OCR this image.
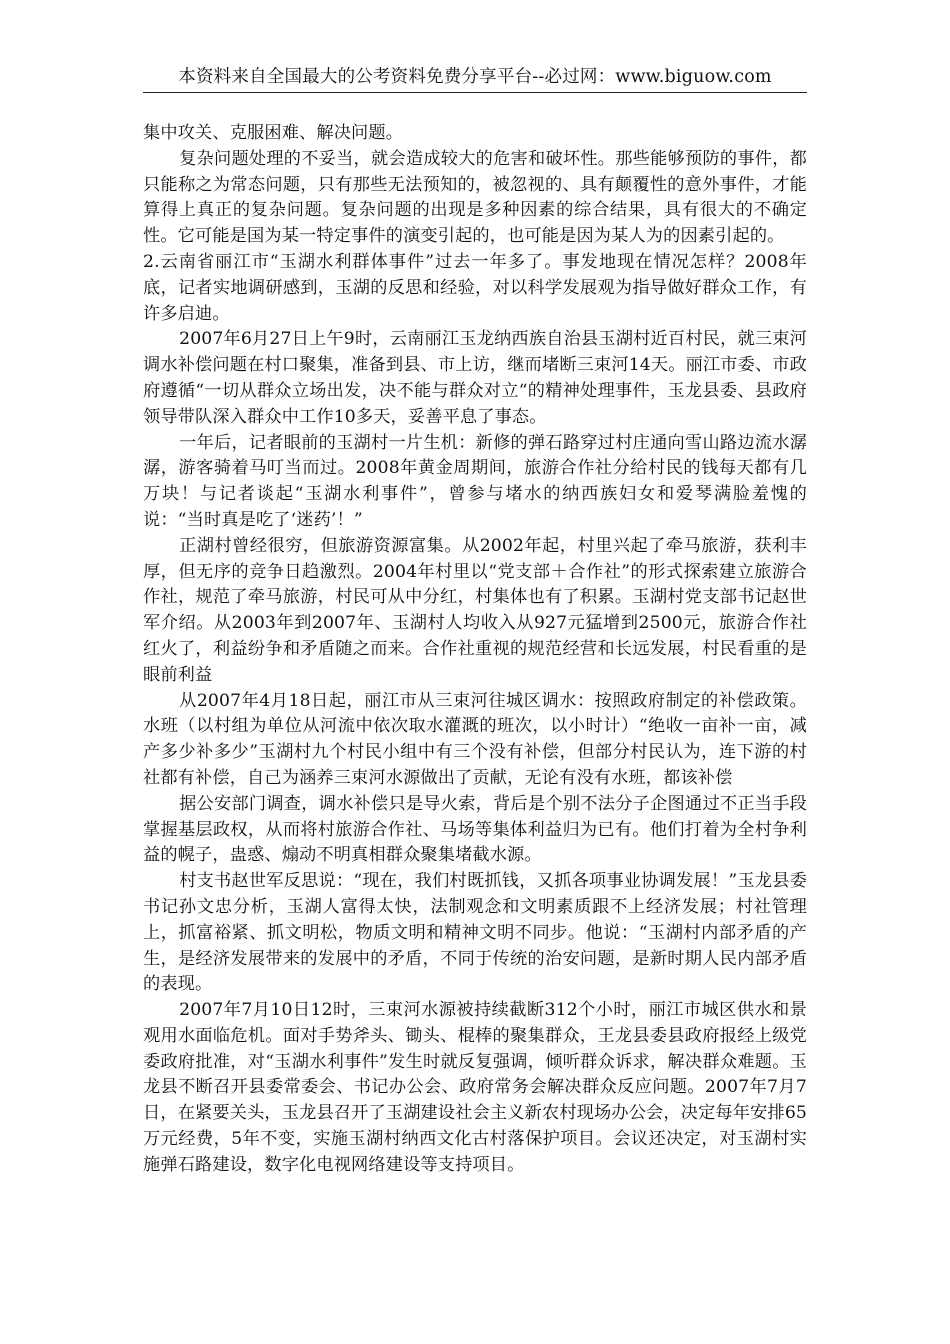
本资料来自全国最大的公考资料免费分享平台--必过网：www.biguow.com

集中攻关、克服困难、解决问题。

复杂问题处理的不妥当，就会造成较大的危害和破坏性。那些能够预防的事件，都只能称之为常态问题，只有那些无法预知的，被忽视的、具有颠覆性的意外事件，才能算得上真正的复杂问题。复杂问题的出现是多种因素的综合结果，具有很大的不确定性。它可能是国为某一特定事件的演变引起的，也可能是因为某人为的因素引起的。

2.云南省丽江市“玉湖水利群体事件”过去一年多了。事发地现在情况怎样？2008年底，记者实地调研感到，玉湖的反思和经验，对以科学发展观为指导做好群众工作，有许多启迪。

2007年6月27日上午9时，云南丽江玉龙纳西族自治县玉湖村近百村民，就三束河调水补偿问题在村口聚集，准备到县、市上访，继而堵断三束河14天。丽江市委、市政府遵循“一切从群众立场出发，决不能与群众对立“的精神处理事件，玉龙县委、县政府领导带队深入群众中工作10多天，妥善平息了事态。

一年后，记者眼前的玉湖村一片生机：新修的弹石路穿过村庄通向雪山路边流水潺潺，游客骑着马叮当而过。2008年黄金周期间，旅游合作社分给村民的钱每天都有几万块！与记者谈起“玉湖水利事件”，曾参与堵水的纳西族妇女和爱琴满脸羞愧的说：“当时真是吃了‘迷药’！”

正湖村曾经很穷，但旅游资源富集。从2002年起，村里兴起了牵马旅游，获利丰厚，但无序的竞争日趋激烈。2004年村里以“党支部＋合作社”的形式探索建立旅游合作社，规范了牵马旅游，村民可从中分红，村集体也有了积累。玉湖村党支部书记赵世军介绍。从2003年到2007年、玉湖村人均收入从927元猛增到2500元，旅游合作社红火了，利益纷争和矛盾随之而来。合作社重视的规范经营和长远发展，村民看重的是眼前利益

从2007年4月18日起，丽江市从三束河往城区调水：按照政府制定的补偿政策。水班（以村组为单位从河流中依次取水灌溉的班次，以小时计）“绝收一亩补一亩，减产多少补多少”玉湖村九个村民小组中有三个没有补偿，但部分村民认为，连下游的村社都有补偿，自己为涵养三束河水源做出了贡献，无论有没有水班，都该补偿

据公安部门调查，调水补偿只是导火索，背后是个别不法分子企图通过不正当手段掌握基层政权，从而将村旅游合作社、马场等集体利益归为已有。他们打着为全村争利益的幌子，蛊惑、煽动不明真相群众聚集堵截水源。

村支书赵世军反思说：“现在，我们村既抓钱，又抓各项事业协调发展！”玉龙县委书记孙文忠分析，玉湖人富得太快，法制观念和文明素质跟不上经济发展；村社管理上，抓富裕紧、抓文明松，物质文明和精神文明不同步。他说：“玉湖村内部矛盾的产生，是经济发展带来的发展中的矛盾，不同于传统的治安问题，是新时期人民内部矛盾的表现。

2007年7月10日12时，三束河水源被持续截断312个小时，丽江市城区供水和景观用水面临危机。面对手势斧头、锄头、棍棒的聚集群众，王龙县委县政府报经上级党委政府批准，对“玉湖水利事件”发生时就反复强调，倾听群众诉求，解决群众难题。玉龙县不断召开县委常委会、书记办公会、政府常务会解决群众反应问题。2007年7月7日，在紧要关头，玉龙县召开了玉湖建设社会主义新农村现场办公会，决定每年安排65万元经费，5年不变，实施玉湖村纳西文化古村落保护项目。会议还决定，对玉湖村实施弹石路建设，数字化电视网络建设等支持项目。
